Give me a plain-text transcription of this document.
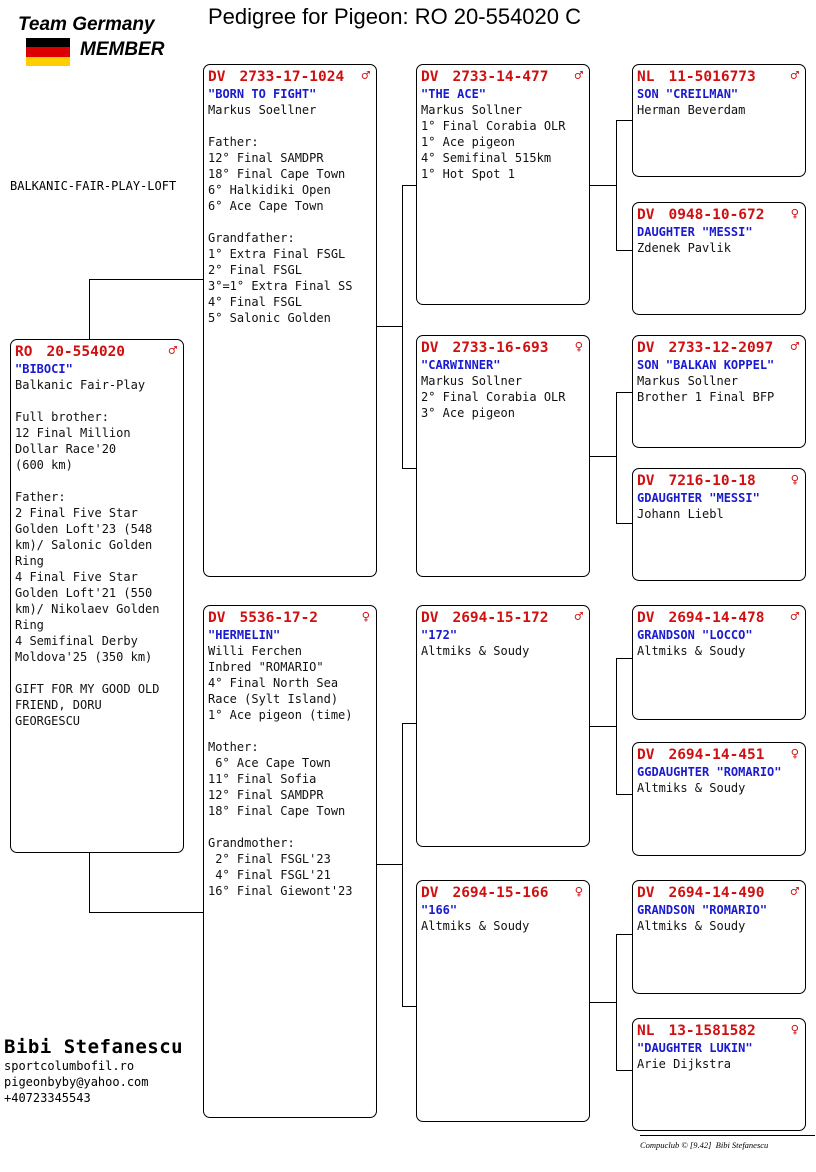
Team Germany
MEMBER
Pedigree for Pigeon: RO 20-554020 C
BALKANIC-FAIR-PLAY-LOFT
RO 20-554020	♂
"BIBOCI"
Balkanic Fair-Play
Full brother:
12 Final Million
Dollar Race'20
(600 km)
Father:
2 Final Five Star
Golden Loft'23 (548
km)/ Salonic Golden
Ring
4 Final Five Star
Golden Loft'21 (550
km)/ Nikolaev Golden
Ring
4 Semifinal Derby
Moldova'25 (350 km)
GIFT FOR MY GOOD OLD
FRIEND, DORU
GEORGESCU
DV 2733-17-1024	♂
"BORN TO FIGHT"
Markus Soellner
Father:
12° Final SAMDPR
18° Final Cape Town
6° Halkidiki Open
6° Ace Cape Town
Grandfather:
1° Extra Final FSGL
2° Final FSGL
3°=1° Extra Final SS
4° Final FSGL
5° Salonic Golden
DV 5536-17-2	♀
"HERMELIN"
Willi Ferchen
Inbred "ROMARIO"
4° Final North Sea
Race (Sylt Island)
1° Ace pigeon (time)
Mother:
6° Ace Cape Town
11° Final Sofia
12° Final SAMDPR
18° Final Cape Town
Grandmother:
2° Final FSGL'23
4° Final FSGL'21
16° Final Giewont'23
DV 2733-14-477	♂
"THE ACE"
Markus Sollner
1° Final Corabia OLR
1° Ace pigeon
4° Semifinal 515km
1° Hot Spot 1
DV 2733-16-693	♀
"CARWINNER"
Markus Sollner
2° Final Corabia OLR
3° Ace pigeon
DV 2694-15-172	♂
"172"
Altmiks & Soudy
DV 2694-15-166	♀
"166"
Altmiks & Soudy
NL 11-5016773	♂
SON "CREILMAN"
Herman Beverdam
DV 0948-10-672	♀
DAUGHTER "MESSI"
Zdenek Pavlik
DV 2733-12-2097	♂
SON "BALKAN KOPPEL"
Markus Sollner
Brother 1 Final BFP
DV 7216-10-18	♀
GDAUGHTER "MESSI"
Johann Liebl
DV 2694-14-478	♂
GRANDSON "LOCCO"
Altmiks & Soudy
DV 2694-14-451	♀
GGDAUGHTER "ROMARIO"
Altmiks & Soudy
DV 2694-14-490	♂
GRANDSON "ROMARIO"
Altmiks & Soudy
NL 13-1581582	♀
"DAUGHTER LUKIN"
Arie Dijkstra
Bibi Stefanescu
sportcolumbofil.ro
pigeonbyby@yahoo.com
+40723345543
Compuclub © [9.42]  Bibi Stefanescu
